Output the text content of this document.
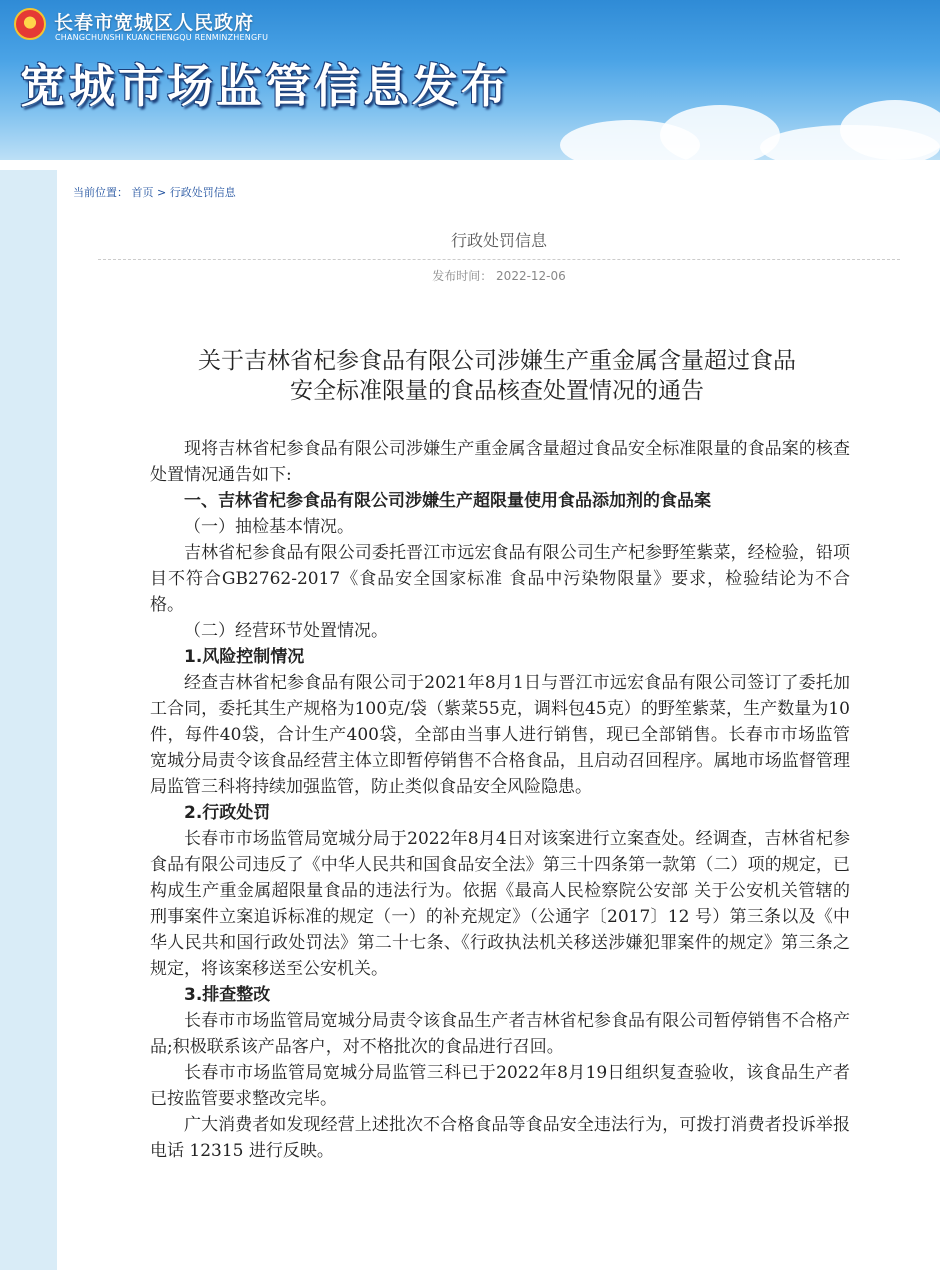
长春市宽城区人民政府
CHANGCHUNSHI KUANCHENGQU RENMINZHENGFU
宽城市场监管信息发布
当前位置： 首页 > 行政处罚信息
行政处罚信息
发布时间： 2022-12-06
关于吉林省杞参食品有限公司涉嫌生产重金属含量超过食品
安全标准限量的食品核查处置情况的通告

现将吉林省杞参食品有限公司涉嫌生产重金属含量超过食品安全标准限量的食品案的核查处置情况通告如下:

一、吉林省杞参食品有限公司涉嫌生产超限量使用食品添加剂的食品案

（一）抽检基本情况。

吉林省杞参食品有限公司委托晋江市远宏食品有限公司生产杞参野笙紫菜，经检验，铅项目不符合GB2762-2017《食品安全国家标准 食品中污染物限量》要求，检验结论为不合格。

（二）经营环节处置情况。

1.风险控制情况

经查吉林省杞参食品有限公司于2021年8月1日与晋江市远宏食品有限公司签订了委托加工合同，委托其生产规格为100克/袋（紫菜55克，调料包45克）的野笙紫菜，生产数量为10件，每件40袋，合计生产400袋，全部由当事人进行销售，现已全部销售。长春市市场监管宽城分局责令该食品经营主体立即暂停销售不合格食品，且启动召回程序。属地市场监督管理局监管三科将持续加强监管，防止类似食品安全风险隐患。

2.行政处罚

长春市市场监管局宽城分局于2022年8月4日对该案进行立案查处。经调查，吉林省杞参食品有限公司违反了《中华人民共和国食品安全法》第三十四条第一款第（二）项的规定，已构成生产重金属超限量食品的违法行为。依据《最高人民检察院公安部 关于公安机关管辖的刑事案件立案追诉标准的规定（一）的补充规定》（公通字〔2017〕12 号）第三条以及《中华人民共和国行政处罚法》第二十七条、《行政执法机关移送涉嫌犯罪案件的规定》第三条之规定，将该案移送至公安机关。

3.排查整改

长春市市场监管局宽城分局责令该食品生产者吉林省杞参食品有限公司暂停销售不合格产品;积极联系该产品客户，对不格批次的食品进行召回。

长春市市场监管局宽城分局监管三科已于2022年8月19日组织复查验收，该食品生产者已按监管要求整改完毕。

广大消费者如发现经营上述批次不合格食品等食品安全违法行为，可拨打消费者投诉举报电话 12315 进行反映。
